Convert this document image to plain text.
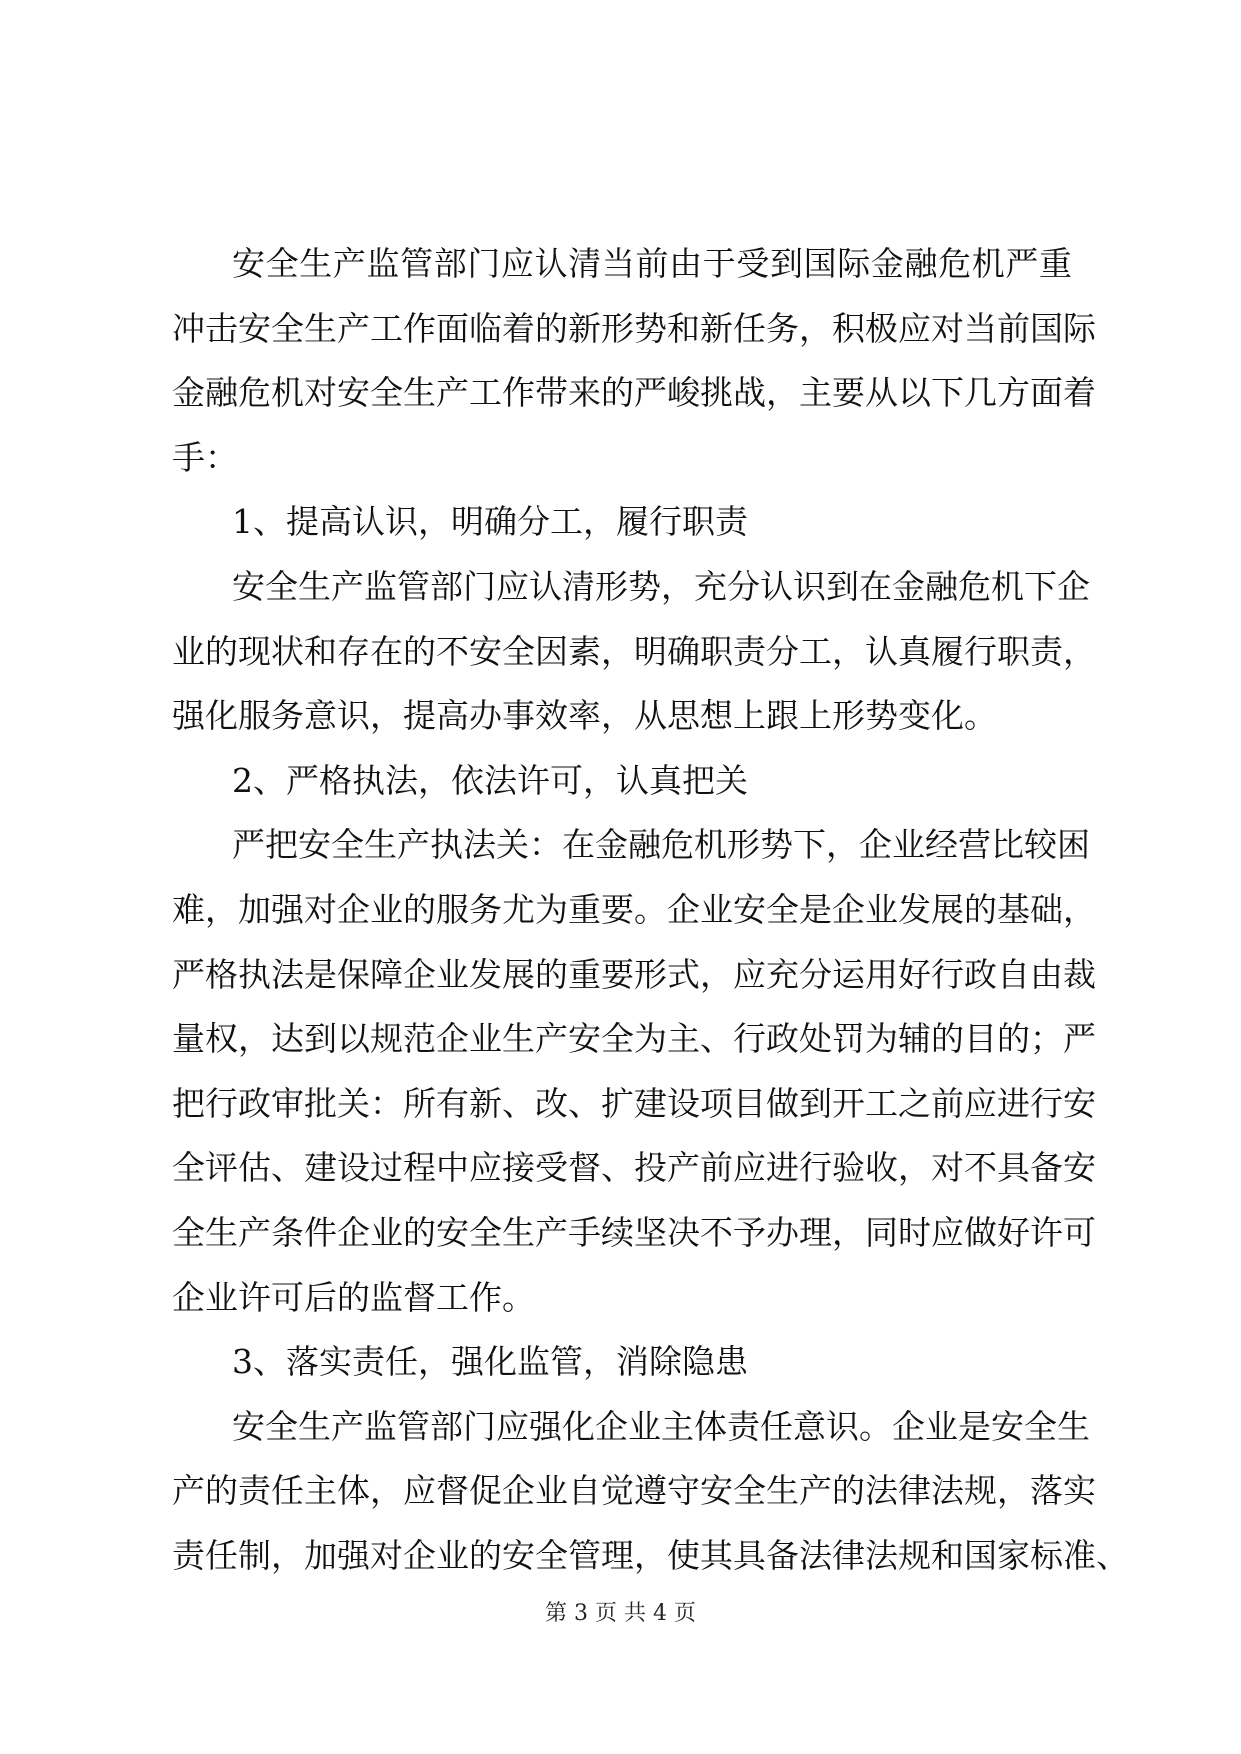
安全生产监管部门应认清当前由于受到国际金融危机严重
冲击安全生产工作面临着的新形势和新任务，积极应对当前国际
金融危机对安全生产工作带来的严峻挑战，主要从以下几方面着
手：
1、提高认识，明确分工，履行职责
安全生产监管部门应认清形势，充分认识到在金融危机下企
业的现状和存在的不安全因素，明确职责分工，认真履行职责，
强化服务意识，提高办事效率，从思想上跟上形势变化。
2、严格执法，依法许可，认真把关
严把安全生产执法关：在金融危机形势下，企业经营比较困
难，加强对企业的服务尤为重要。企业安全是企业发展的基础，
严格执法是保障企业发展的重要形式，应充分运用好行政自由裁
量权，达到以规范企业生产安全为主、行政处罚为辅的目的；严
把行政审批关：所有新、改、扩建设项目做到开工之前应进行安
全评估、建设过程中应接受督、投产前应进行验收，对不具备安
全生产条件企业的安全生产手续坚决不予办理，同时应做好许可
企业许可后的监督工作。
3、落实责任，强化监管，消除隐患
安全生产监管部门应强化企业主体责任意识。企业是安全生
产的责任主体，应督促企业自觉遵守安全生产的法律法规，落实
责任制，加强对企业的安全管理，使其具备法律法规和国家标准、
第 3 页 共 4 页
